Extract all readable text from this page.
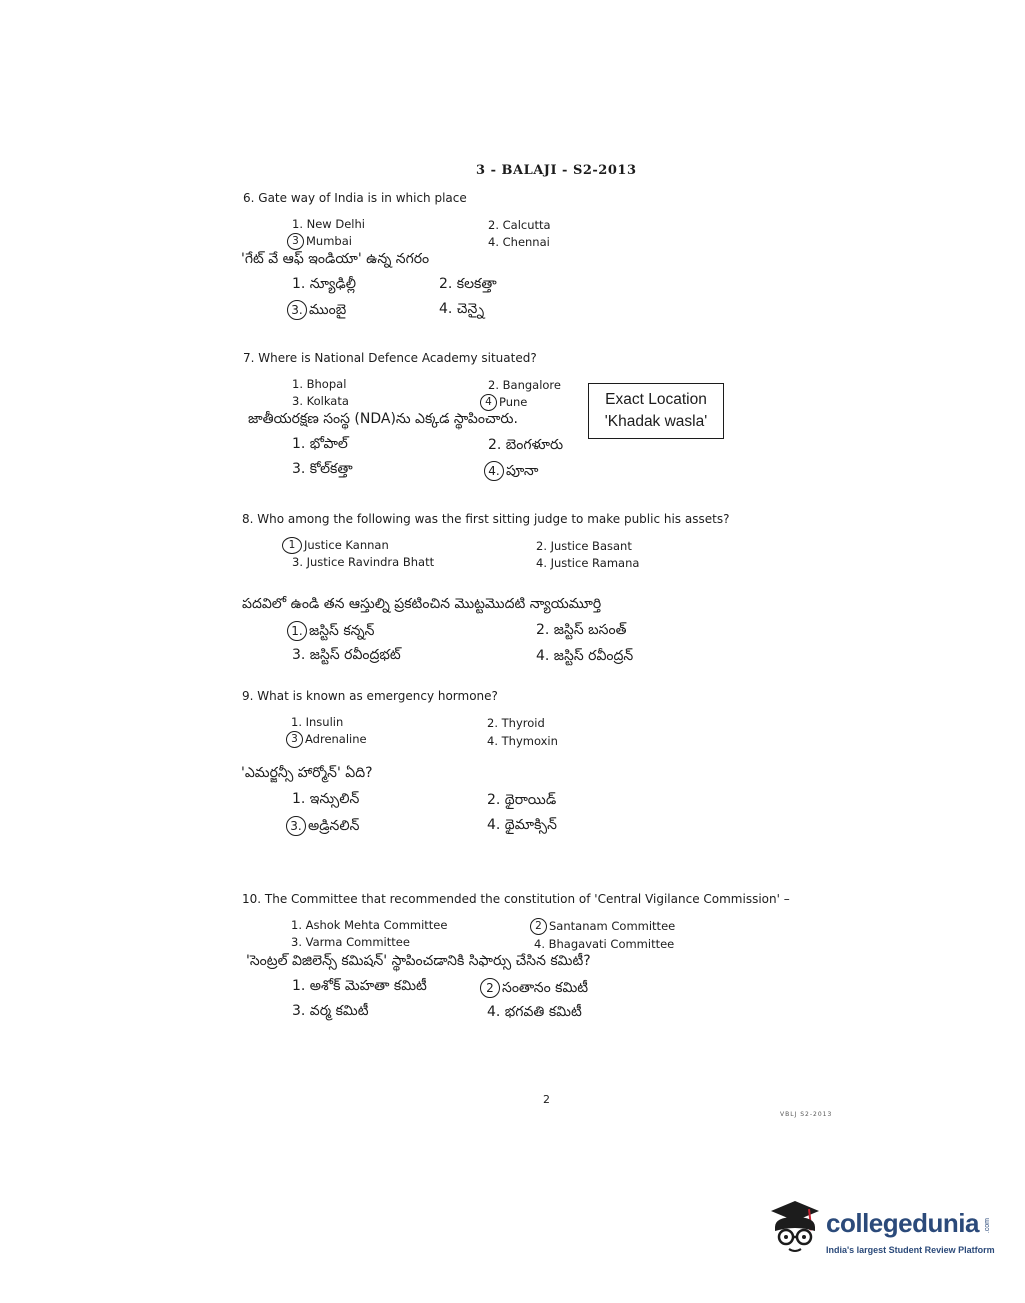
3 - BALAJI - S2-2013
6. Gate way of India is in which place
1. New Delhi	2. Calcutta
3 Mumbai	4. Chennai
'గేట్ వే ఆఫ్ ఇండియా' ఉన్న నగరం
1. న్యూఢిల్లీ	2. కలకత్తా
3. ముంబై	4. చెన్నై
7. Where is National Defence Academy situated?
1. Bhopal	2. Bangalore
3. Kolkata	4 Pune	Exact Location
'Khadak wasla'
జాతీయరక్షణ సంస్థ (NDA)ను ఎక్కడ స్థాపించారు.
1. భోపాల్	2. బెంగళూరు
3. కోల్‌కత్తా	4. పూనా
8. Who among the following was the first sitting judge to make public his assets?
1 Justice Kannan	2. Justice Basant
3. Justice Ravindra Bhatt	4. Justice Ramana
పదవిలో ఉండి తన ఆస్తుల్ని ప్రకటించిన మొట్టమొదటి న్యాయమూర్తి
1. జస్టిస్ కన్నన్	2. జస్టిస్ బసంత్
3. జస్టిస్ రవీంద్రభట్	4. జస్టిస్ రవీంద్రన్
9. What is known as emergency hormone?
1. Insulin	2. Thyroid
3 Adrenaline	4. Thymoxin
'ఎమర్జన్సీ హార్మోన్' ఏది?
1. ఇన్సులిన్	2. థైరాయిడ్
3. అడ్రినలిన్	4. థైమాక్సిన్
10. The Committee that recommended the constitution of 'Central Vigilance Commission' –
1. Ashok Mehta Committee	2 Santanam Committee
3. Varma Committee	4. Bhagavati Committee
'సెంట్రల్ విజిలెన్స్ కమిషన్' స్థాపించడానికి సిఫార్సు చేసిన కమిటీ?
1. అశోక్ మెహతా కమిటీ	2 సంతానం కమిటీ
3. వర్మ కమిటీ	4. భగవతి కమిటీ
2
VBLJ S2-2013
collegedunia .com
India's largest Student Review Platform
